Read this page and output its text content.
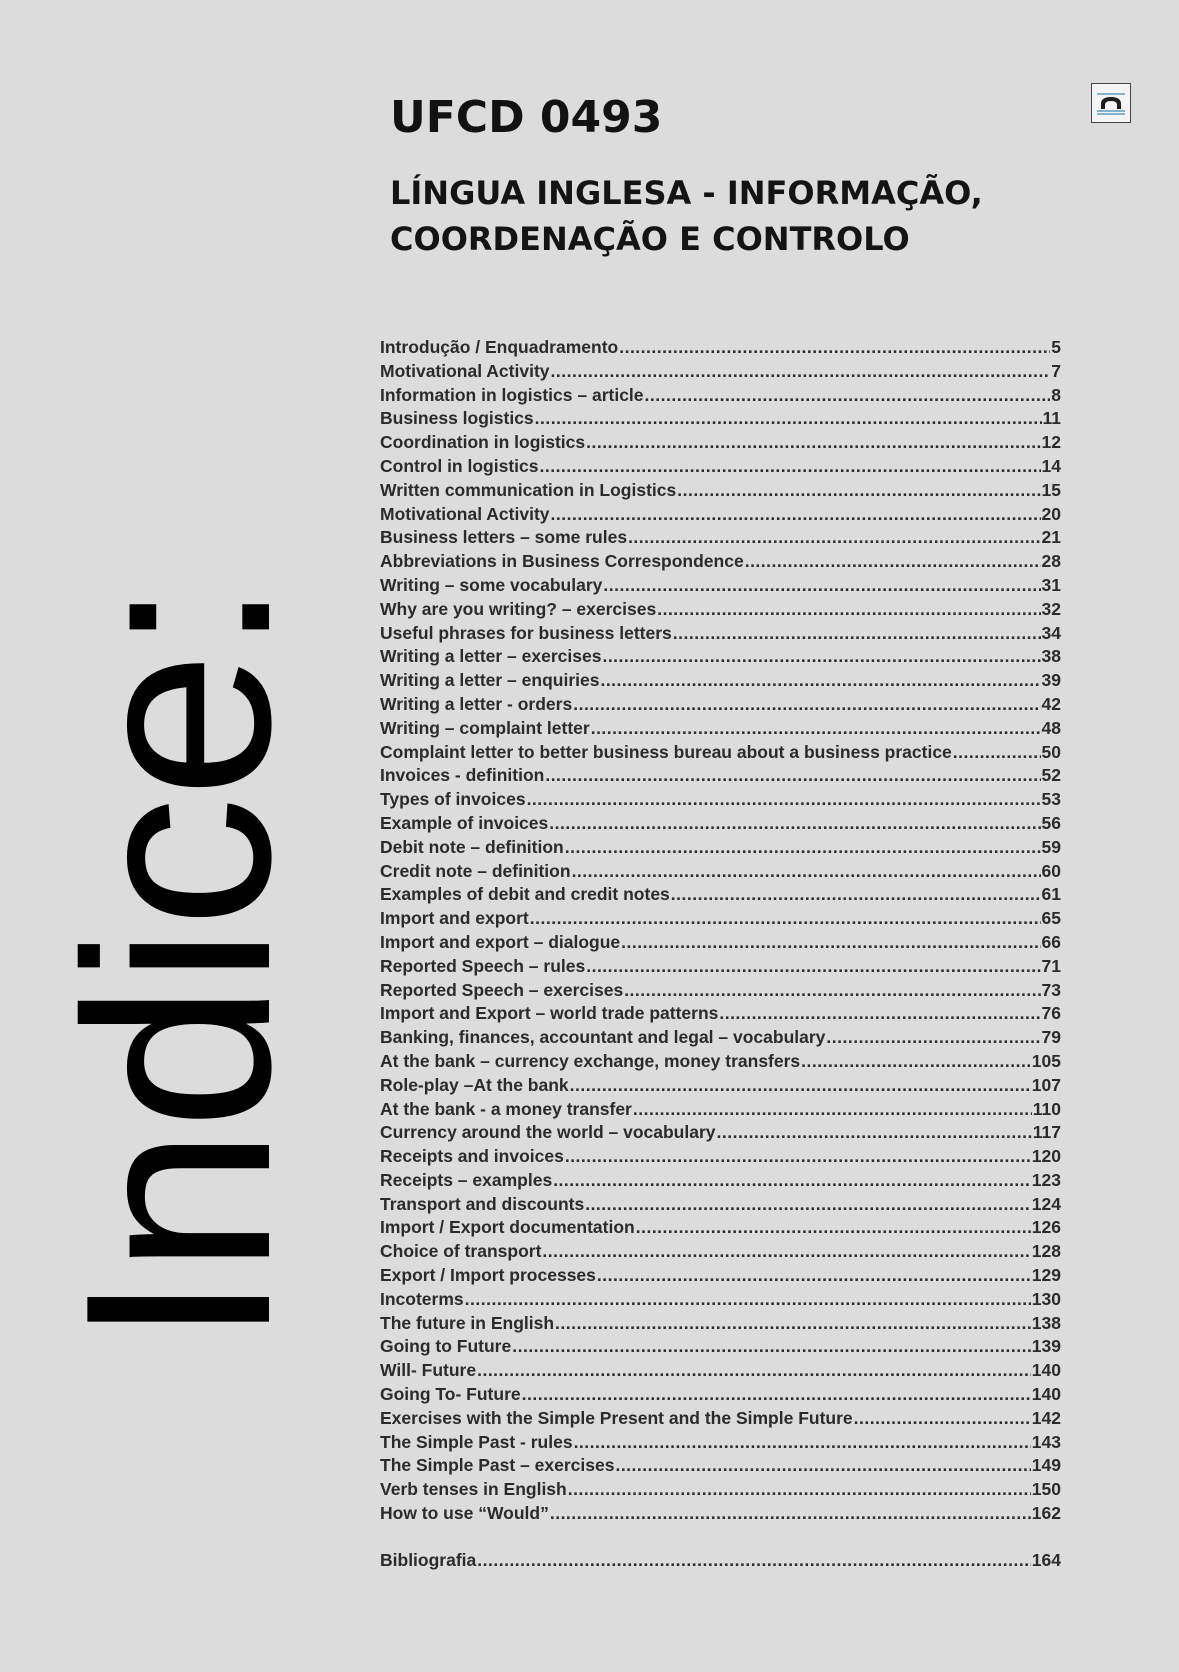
UFCD 0493
LÍNGUA INGLESA - INFORMAÇÃO, COORDENAÇÃO E CONTROLO
Indice:
Introdução / Enquadramento .....	5
Motivational Activity .....	7
Information in logistics – article .....	8
Business logistics .....	11
Coordination in logistics .....	12
Control in logistics .....	14
Written communication in Logistics .....	15
Motivational Activity .....	20
Business letters – some rules .....	21
Abbreviations in Business Correspondence .....	28
Writing – some vocabulary .....	31
Why are you writing? – exercises .....	32
Useful phrases for business letters .....	34
Writing a letter – exercises .....	38
Writing a letter – enquiries .....	39
Writing a letter - orders .....	42
Writing – complaint letter .....	48
Complaint letter to better business bureau about a business practice .....	50
Invoices - definition .....	52
Types of invoices .....	53
Example of invoices .....	56
Debit note – definition .....	59
Credit note – definition .....	60
Examples of debit and credit notes .....	61
Import and export .....	65
Import and export – dialogue .....	66
Reported Speech – rules .....	71
Reported Speech – exercises .....	73
Import and Export – world trade patterns .....	76
Banking, finances, accountant and legal – vocabulary .....	79
At the bank – currency exchange, money transfers .....	105
Role-play –At the bank .....	107
At the bank - a money transfer .....	110
Currency around the world – vocabulary .....	117
Receipts and invoices .....	120
Receipts – examples .....	123
Transport and discounts .....	124
Import / Export documentation .....	126
Choice of transport .....	128
Export / Import processes .....	129
Incoterms .....	130
The future in English .....	138
Going to Future .....	139
Will- Future .....	140
Going To- Future .....	140
Exercises with the Simple Present and the Simple Future .....	142
The Simple Past - rules .....	143
The Simple Past – exercises .....	149
Verb tenses in English .....	150
How to use “Would” .....	162
Bibliografia .....	164
